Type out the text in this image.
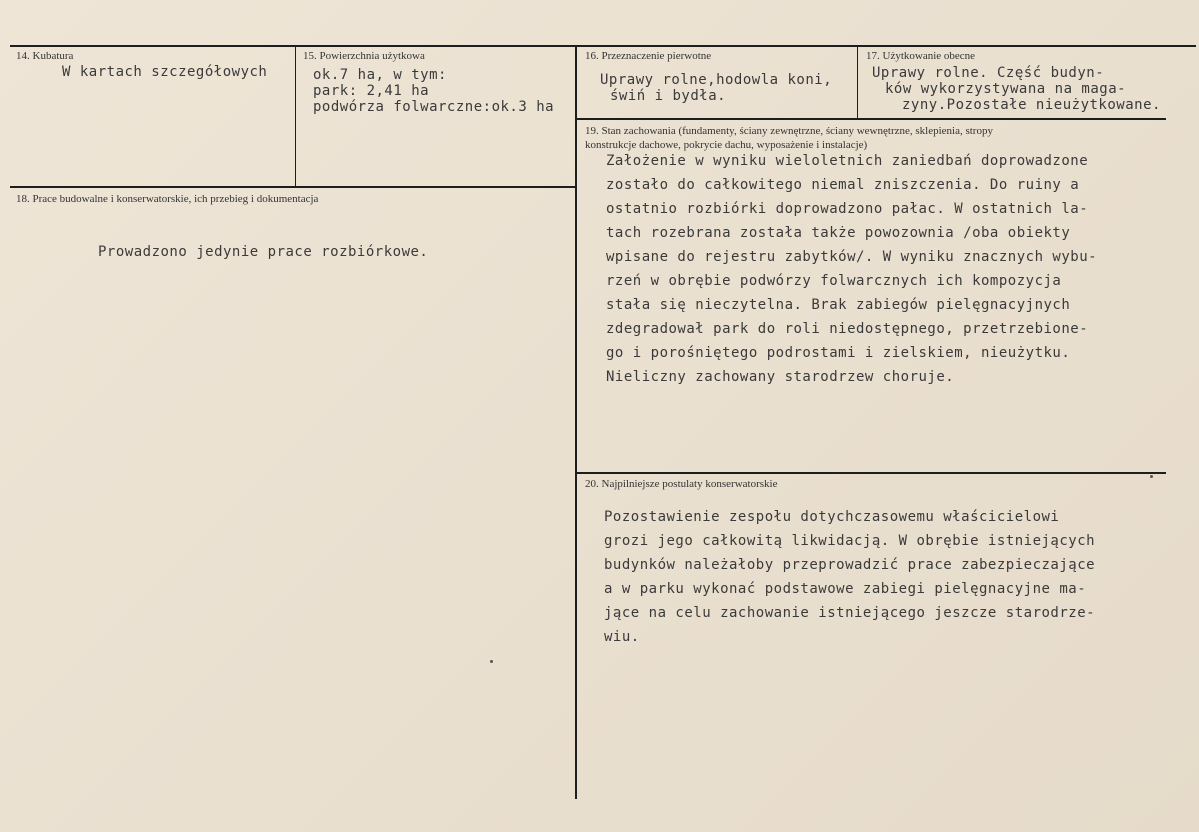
14. Kubatura
W kartach szczegółowych
15. Powierzchnia użytkowa
ok.7 ha, w tym:
park: 2,41 ha
podwórza folwarczne:ok.3 ha
16. Przeznaczenie pierwotne
Uprawy rolne,hodowla koni,
świń i bydła.
17. Użytkowanie obecne
Uprawy rolne. Część budyn-
ków wykorzystywana na maga-
zyny.Pozostałe nieużytkowane.
18. Prace budowalne i konserwatorskie, ich przebieg i dokumentacja
Prowadzono jedynie prace rozbiórkowe.
19. Stan zachowania (fundamenty, ściany zewnętrzne, ściany wewnętrzne, sklepienia, stropy
konstrukcje dachowe, pokrycie dachu, wyposażenie i instalacje)
Założenie w wyniku wieloletnich zaniedbań doprowadzone
zostało do całkowitego niemal zniszczenia. Do ruiny a
ostatnio rozbiórki doprowadzono pałac. W ostatnich la-
tach rozebrana została także powozownia /oba obiekty
wpisane do rejestru zabytków/. W wyniku znacznych wybu-
rzeń w obrębie podwórzy folwarcznych ich kompozycja
stała się nieczytelna. Brak zabiegów pielęgnacyjnych
zdegradował park do roli niedostępnego, przetrzebione-
go i porośniętego podrostami i zielskiem, nieużytku.
Nieliczny zachowany starodrzew choruje.
20. Najpilniejsze postulaty konserwatorskie
Pozostawienie zespołu dotychczasowemu właścicielowi
grozi jego całkowitą likwidacją. W obrębie istniejących
budynków należałoby przeprowadzić prace zabezpieczające
a w parku wykonać podstawowe zabiegi pielęgnacyjne ma-
jące na celu zachowanie istniejącego jeszcze starodrze-
wiu.
